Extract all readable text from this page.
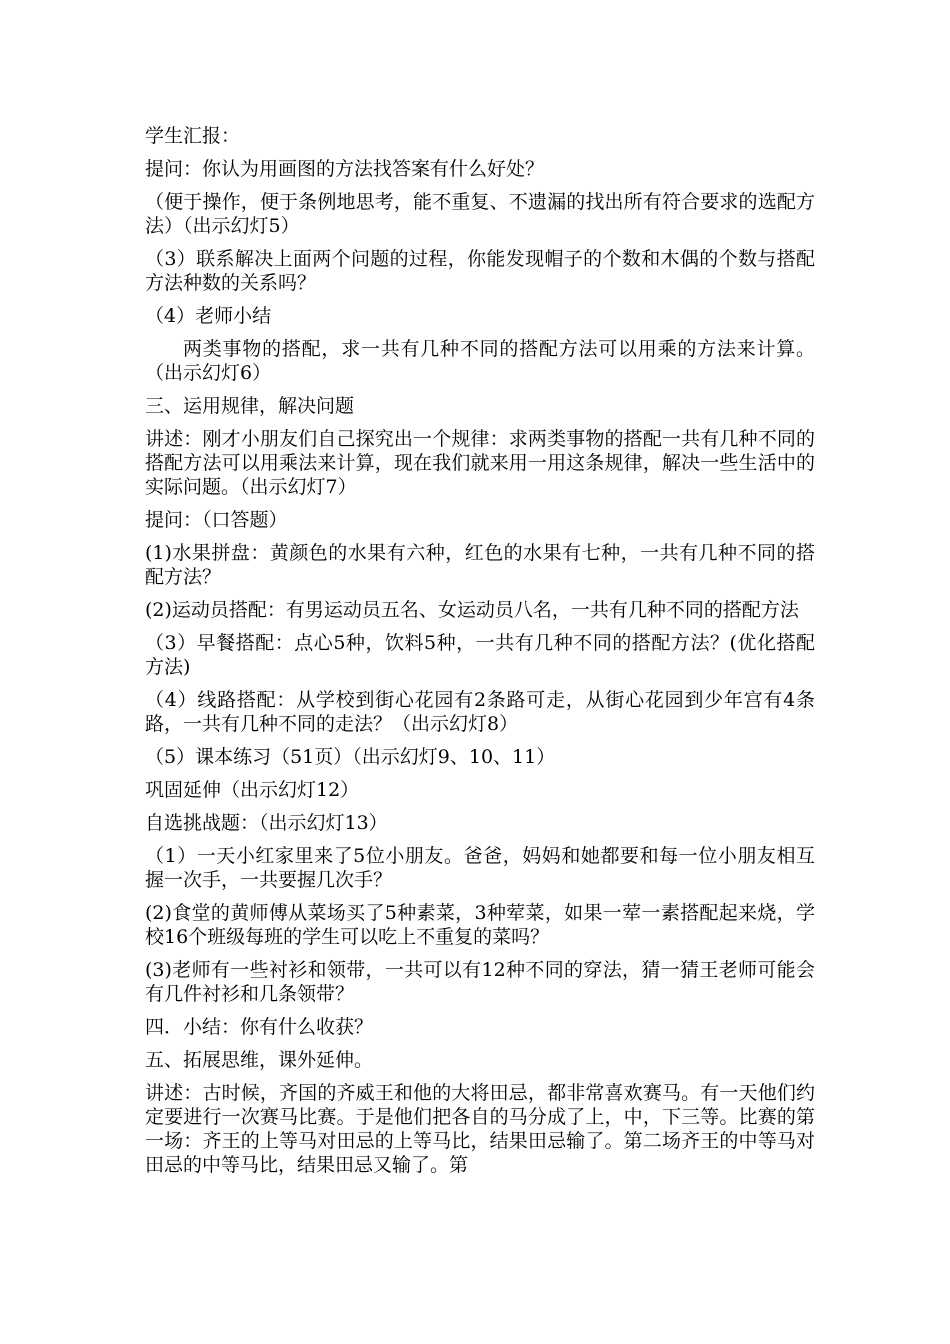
学生汇报：

提问：你认为用画图的方法找答案有什么好处？

（便于操作，便于条例地思考，能不重复、不遗漏的找出所有符合要求的选配方法）（出示幻灯5）

（3）联系解决上面两个问题的过程，你能发现帽子的个数和木偶的个数与搭配方法种数的关系吗？

（4）老师小结

两类事物的搭配，求一共有几种不同的搭配方法可以用乘的方法来计算。（出示幻灯6）

三、运用规律，解决问题

讲述：刚才小朋友们自己探究出一个规律：求两类事物的搭配一共有几种不同的搭配方法可以用乘法来计算，现在我们就来用一用这条规律，解决一些生活中的实际问题。（出示幻灯7）

提问：（口答题）

(1)水果拼盘：黄颜色的水果有六种，红色的水果有七种，一共有几种不同的搭配方法？

(2)运动员搭配：有男运动员五名、女运动员八名，一共有几种不同的搭配方法

（3）早餐搭配：点心5种，饮料5种，一共有几种不同的搭配方法？(优化搭配方法)

（4）线路搭配：从学校到街心花园有2条路可走，从街心花园到少年宫有4条路，一共有几种不同的走法？（出示幻灯8）

（5）课本练习（51页）（出示幻灯9、10、11）

巩固延伸（出示幻灯12）

自选挑战题：（出示幻灯13）

（1）一天小红家里来了5位小朋友。爸爸，妈妈和她都要和每一位小朋友相互握一次手，一共要握几次手？

(2)食堂的黄师傅从菜场买了5种素菜，3种荤菜，如果一荤一素搭配起来烧，学校16个班级每班的学生可以吃上不重复的菜吗？

(3)老师有一些衬衫和领带，一共可以有12种不同的穿法，猜一猜王老师可能会有几件衬衫和几条领带？

四．小结：你有什么收获？

五、拓展思维，课外延伸。

讲述：古时候，齐国的齐威王和他的大将田忌，都非常喜欢赛马。有一天他们约定要进行一次赛马比赛。于是他们把各自的马分成了上，中，下三等。比赛的第一场：齐王的上等马对田忌的上等马比，结果田忌输了。第二场齐王的中等马对田忌的中等马比，结果田忌又输了。第
